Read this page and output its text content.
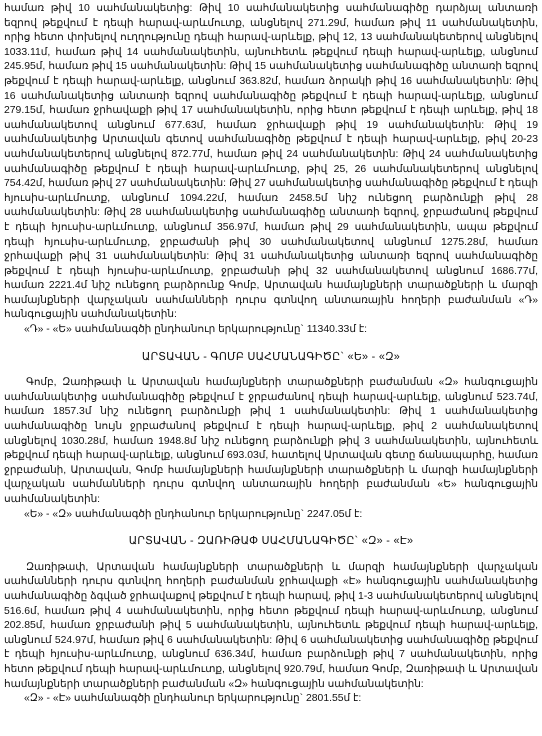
համառ թիվ 10 սահմանակետից: Թիվ 10 սահմանակետից սահմանագիծը դարձյալ անտառի եզրով թեքվում է դեպի հարավ-արևմուտք, անցնելով 271.29մ, համառ թիվ 11 սահմանակետին, որից հետո փոխելով ուղղությունը դեպի հարավ-արևելք, թիվ 12, 13 սահմանակետերով անցնելով 1033.11մ, համառ թիվ 14 սահմանակետին, այնուհետև թեքվում դեպի հարավ-արևելք, անցնում 245.95մ, համառ թիվ 15 սահմանակետին: Թիվ 15 սահմանակետից սահմանագիծը անտառի եզրով թեքվում է դեպի հարավ-արևելք, անցնում 363.82մ, համառ ձորակի թիվ 16 սահմանակետին: Թիվ 16 սահմանակետից անտառի եզրով սահմանագիծը թեքվում է դեպի հարավ-արևելք, անցնում 279.15մ, համառ ջրհավաքի թիվ 17 սահմանակետին, որից հետո թեքվում է դեպի արևելք, թիվ 18 սահմանակետով անցնում 677.63մ, համառ ջրհավաքի թիվ 19 սահմանակետին: Թիվ 19 սահմանակետից Արտավան գետով սահմանագիծը թեքվում է դեպի հարավ-արևելք, թիվ 20-23 սահմանակետերով անցնելով 872.77մ, համառ թիվ 24 սահմանակետին: Թիվ 24 սահմանակետից սահմանագիծը թեքվում է դեպի հարավ-արևմուտք, թիվ 25, 26 սահմանակետերով անցնելով 754.42մ, համառ թիվ 27 սահմանակետին: Թիվ 27 սահմանակետից սահմանագիծը թեքվում է դեպի հյուսիս-արևմուտք, անցնում 1094.22մ, համառ 2458.5մ նիշ ունեցող բարձունքի թիվ 28 սահմանակետին: Թիվ 28 սահմանակետից սահմանագիծը անտառի եզրով, ջրբաժանով թեքվում է դեպի հյուսիս-արևմուտք, անցնում 356.97մ, համառ թիվ 29 սահմանակետին, ապա թեքվում դեպի հյուսիս-արևմուտք, ջրբաժանի թիվ 30 սահմանակետով անցնում 1275.28մ, համառ ջրհավաքի թիվ 31 սահմանակետին: Թիվ 31 սահմանակետից անտառի եզրով սահմանագիծը թեքվում է դեպի հյուսիս-արևմուտք, ջրբաժանի թիվ 32 սահմանակետով անցնում 1686.77մ, համառ 2221.4մ նիշ ունեցող բարձրունք Գոմբ, Արտավան համայնքների տարածքների և մարզի համայնքների վարչական սահմանների դուրս գտնվող անտառային հողերի բաժանման «Դ» հանգուցային սահմանակետին:

«Դ» - «Ե» սահմանագծի ընդհանուր երկարությունը` 11340.33մ է:

ԱՐՏԱՎԱՆ - ԳՈՄԲ ՍԱՀՄԱՆԱԳԻԾԸ` «Ե» - «Զ»

Գոմբ, Զառիթափ և Արտավան համայնքների տարածքների բաժանման «Զ» հանգուցային սահմանակետից սահմանագիծը թեքվում է ջրբաժանով դեպի հարավ-արևելք, անցնում 523.74մ, համառ 1857.3մ նիշ ունեցող բարձունքի թիվ 1 սահմանակետին: Թիվ 1 սահմանակետից սահմանագիծը նույն ջրբաժանով թեքվում է դեպի հարավ-արևելք, թիվ 2 սահմանակետով անցնելով 1030.28մ, համառ 1948.8մ նիշ ունեցող բարձունքի թիվ 3 սահմանակետին, այնուհետև թեքվում դեպի հարավ-արևելք, անցնում 693.03մ, հատելով Արտավան գետը ճանապարհը, համառ ջրբաժանի, Արտավան, Գոմբ համայնքների համայնքների տարածքների և մարզի համայնքների վարչական սահմանների դուրս գտնվող անտառային հողերի բաժանման «Ե» հանգուցային սահմանակետին:

«Ե» - «Զ» սահմանագծի ընդհանուր երկարությունը` 2247.05մ է:

ԱՐՏԱՎԱՆ - ԶԱՌԻԹԱՓ ՍԱՀՄԱՆԱԳԻԾԸ` «Զ» - «Է»

Զառիթափ, Արտավան համայնքների տարածքների և մարզի համայնքների վարչական սահմանների դուրս գտնվող հողերի բաժանման ջրհավաքի «Է» հանգուցային սահմանակետից սահմանագիծը ձգված ջրհավաքով թեքվում է դեպի հարավ, թիվ 1-3 սահմանակետերով անցնելով 516.6մ, համառ թիվ 4 սահմանակետին, որից հետո թեքվում դեպի հարավ-արևմուտք, անցնում 202.85մ, համառ ջրբաժանի թիվ 5 սահմանակետին, այնուհետև թեքվում դեպի հարավ-արևելք, անցնում 524.97մ, համառ թիվ 6 սահմանակետին: Թիվ 6 սահմանակետից սահմանագիծը թեքվում է դեպի հյուսիս-արևմուտք, անցնում 636.34մ, համառ բարձունքի թիվ 7 սահմանակետին, որից հետո թեքվում դեպի հարավ-արևմուտք, անցնելով 920.79մ, համառ Գոմբ, Զառիթափ և Արտավան համայնքների տարածքների բաժանման «Զ» հանգուցային սահմանակետին:

«Զ» - «Է» սահմանագծի ընդհանուր երկարությունը` 2801.55մ է:
